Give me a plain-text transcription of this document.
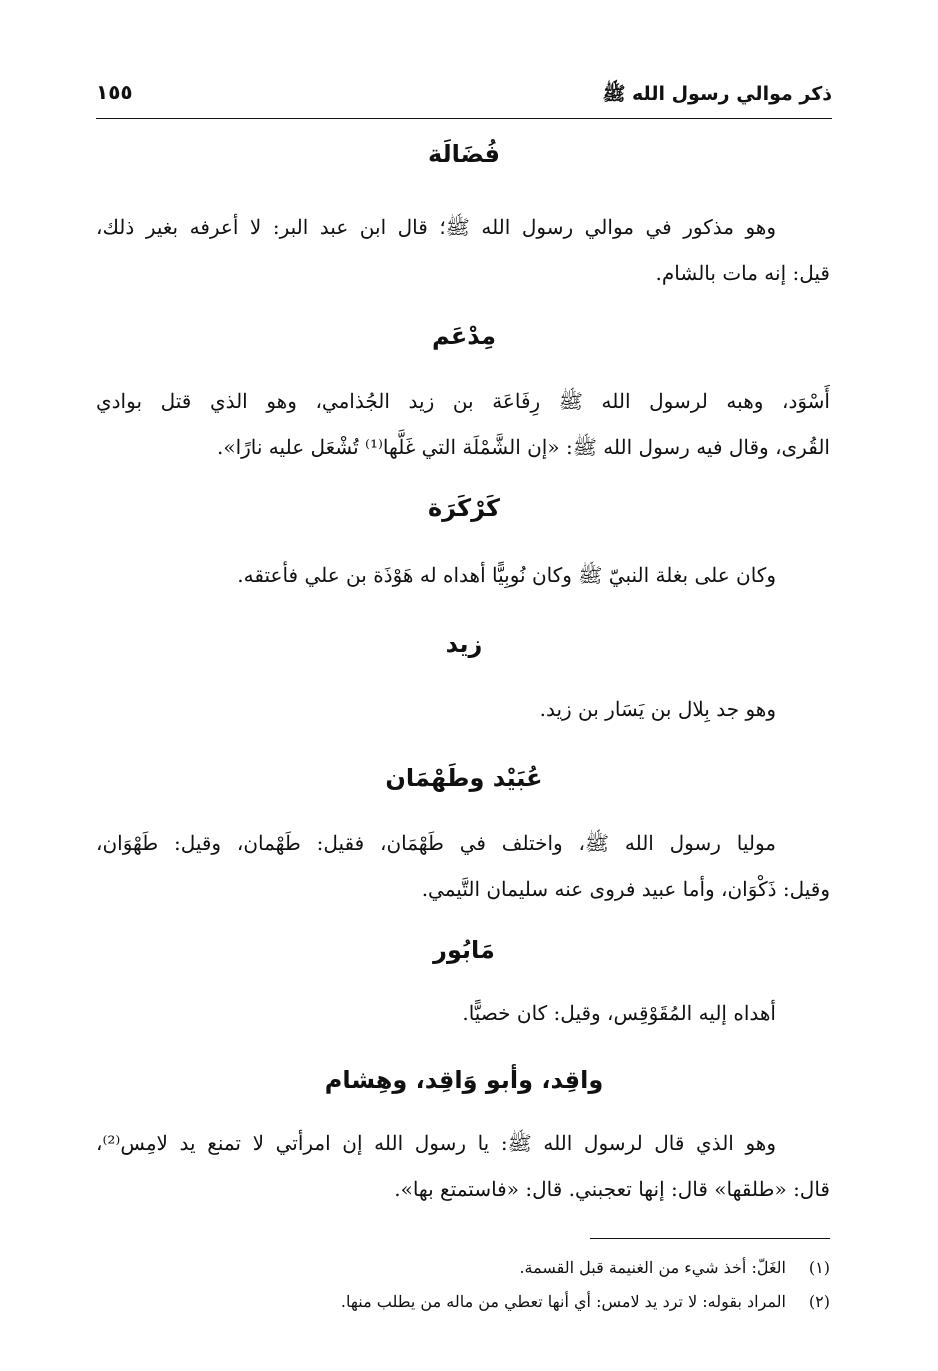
ذكر موالي رسول الله ﷺ
١٥٥
فُضَالَة

وهو مذكور في موالي رسول الله ﷺ؛ قال ابن عبد البر: لا أعرفه بغير ذلك،
قيل: إنه مات بالشام.

مِدْعَم

أَسْوَد، وهبه لرسول الله ﷺ رِفَاعَة بن زيد الجُذامي، وهو الذي قتل بوادي
القُرى، وقال فيه رسول الله ﷺ: «إن الشَّمْلَة التي غَلَّها⁽¹⁾ تُشْعَل عليه نارًا».

كَرْكَرَة

وكان على بغلة النبيّ ﷺ وكان نُوبِيًّا أهداه له هَوْذَة بن علي فأعتقه.

زيد

وهو جد بِلال بن يَسَار بن زيد.

عُبَيْد وطَهْمَان

موليا رسول الله ﷺ، واختلف في طَهْمَان، فقيل: طَهْمان، وقيل: طَهْوَان،
وقيل: ذَكْوَان، وأما عبيد فروى عنه سليمان التَّيمي.

مَابُور

أهداه إليه المُقَوْقِس، وقيل: كان خصيًّا.

واقِد، وأبو وَاقِد، وهِشام

وهو الذي قال لرسول الله ﷺ: يا رسول الله إن امرأتي لا تمنع يد لامِس⁽²⁾،
قال: «طلقها» قال: إنها تعجبني. قال: «فاستمتع بها».

(١)الغَلّ: أخذ شيء من الغنيمة قبل القسمة.

(٢)المراد بقوله: لا ترد يد لامس: أي أنها تعطي من ماله من يطلب منها.
